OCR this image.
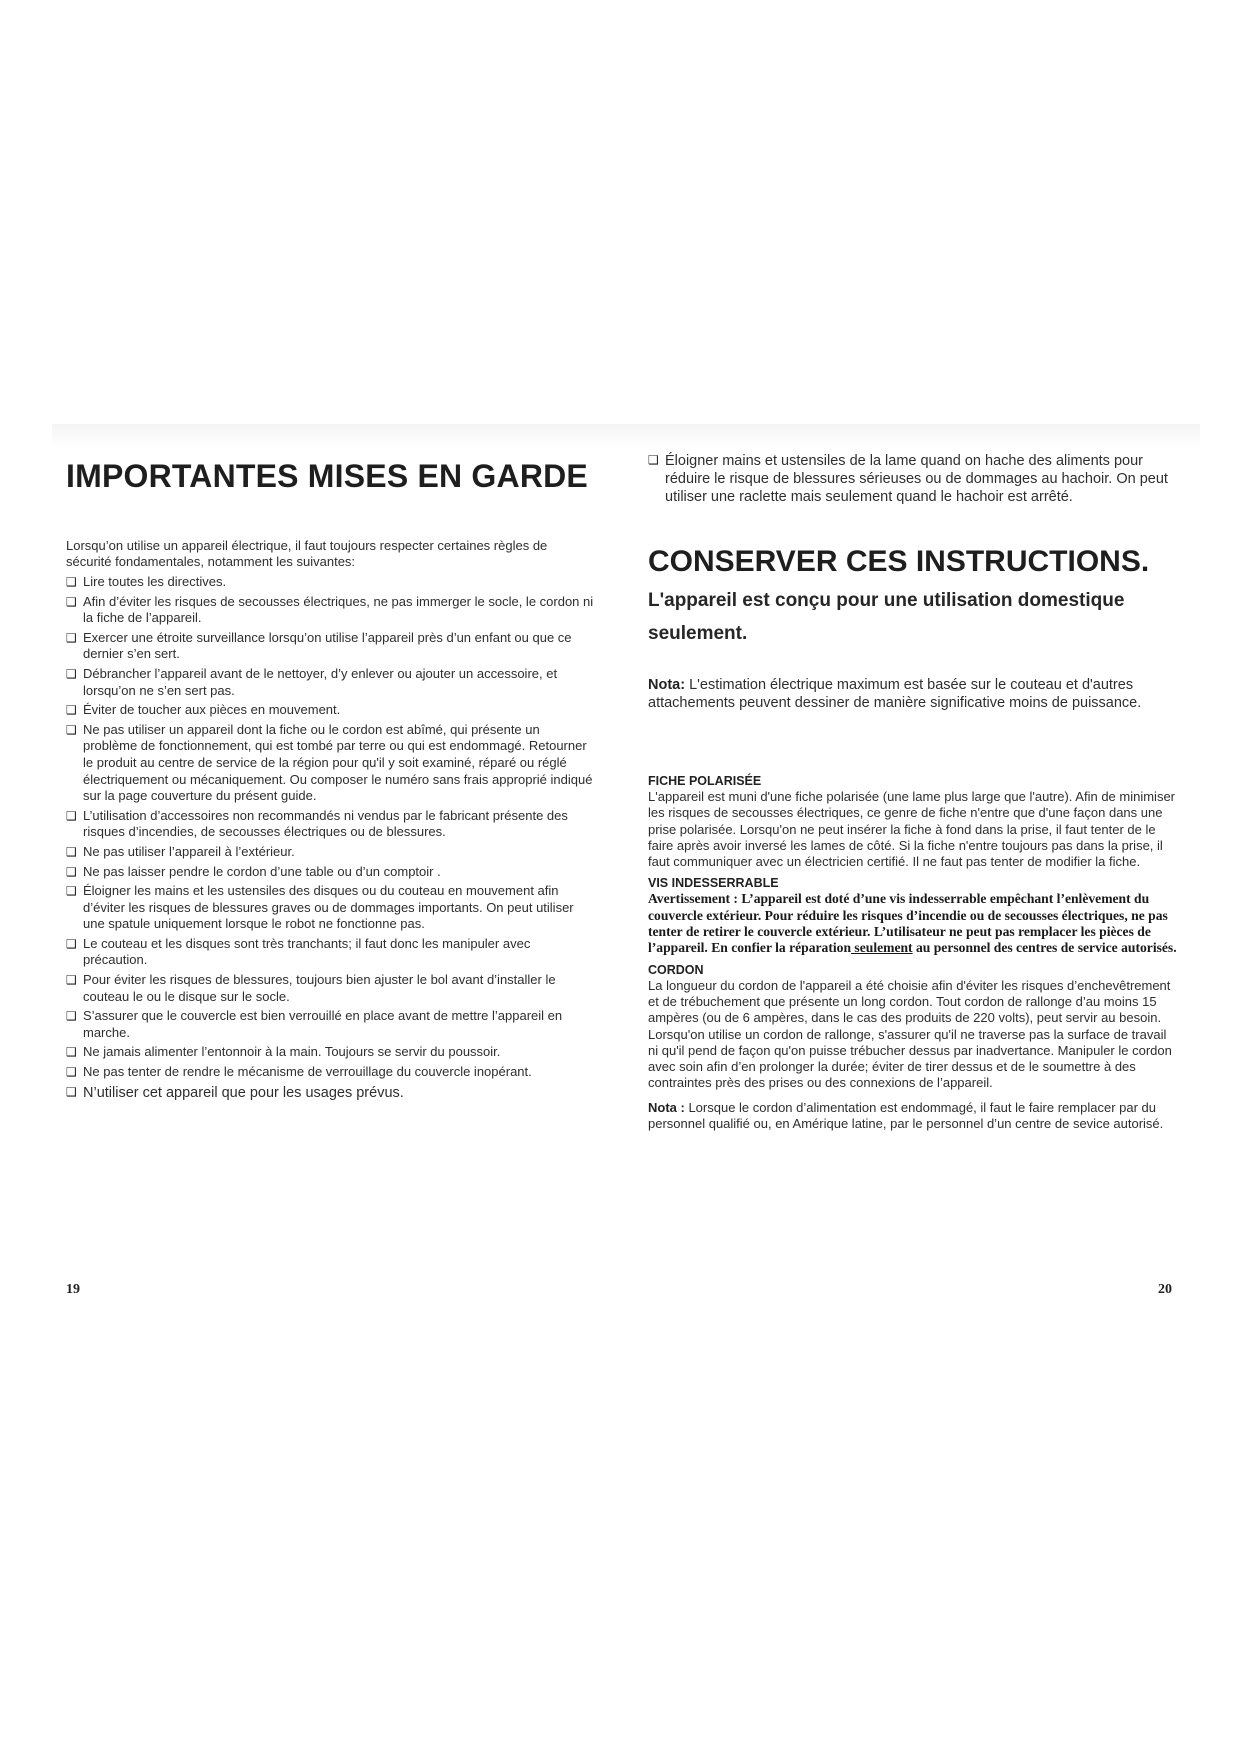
IMPORTANTES MISES EN GARDE

Lorsqu’on utilise un appareil électrique, il faut toujours respecter certaines règles de sécurité fondamentales, notamment les suivantes:

❑ Lire toutes les directives.
❑ Afin d’éviter les risques de secousses électriques, ne pas immerger le socle, le cordon ni la fiche de l’appareil.
❑ Exercer une étroite surveillance lorsqu’on utilise l’appareil près d’un enfant ou que ce dernier s’en sert.
❑ Débrancher l’appareil avant de le nettoyer, d’y enlever ou ajouter un accessoire, et lorsqu’on ne s’en sert pas.
❑ Éviter de toucher aux pièces en mouvement.
❑ Ne pas utiliser un appareil dont la fiche ou le cordon est abîmé, qui présente un problème de fonctionnement, qui est tombé par terre ou qui est endommagé. Retourner le produit au centre de service de la région pour qu'il y soit examiné, réparé ou réglé électriquement ou mécaniquement. Ou composer le numéro sans frais approprié indiqué sur la page couverture du présent guide.
❑ L’utilisation d’accessoires non recommandés ni vendus par le fabricant présente des risques d’incendies, de secousses électriques ou de blessures.
❑ Ne pas utiliser l’appareil à l’extérieur.
❑ Ne pas laisser pendre le cordon d’une table ou d’un comptoir .
❑ Éloigner les mains et les ustensiles des disques ou du couteau en mouvement afin d’éviter les risques de blessures graves ou de dommages importants. On peut utiliser une spatule uniquement lorsque le robot ne fonctionne pas.
❑ Le couteau et les disques sont très tranchants; il faut donc les manipuler avec précaution.
❑ Pour éviter les risques de blessures, toujours bien ajuster le bol avant d’installer le couteau le ou le disque sur le socle.
❑ S’assurer que le couvercle est bien verrouillé en place avant de mettre l’appareil en marche.
❑ Ne jamais alimenter l’entonnoir à la main. Toujours se servir du poussoir.
❑ Ne pas tenter de rendre le mécanisme de verrouillage du couvercle inopérant.
❑ N’utiliser cet appareil que pour les usages prévus.
❑ Éloigner mains et ustensiles de la lame quand on hache des aliments pour réduire le risque de blessures sérieuses ou de dommages au hachoir. On peut utiliser une raclette mais seulement quand le hachoir est arrêté.
CONSERVER CES INSTRUCTIONS.

L'appareil est conçu pour une utilisation domestique seulement.

Nota: L'estimation électrique maximum est basée sur le couteau et d'autres attachements peuvent dessiner de manière significative moins de puissance.

FICHE POLARISÉE

L'appareil est muni d'une fiche polarisée (une lame plus large que l'autre). Afin de minimiser les risques de secousses électriques, ce genre de fiche n'entre que d'une façon dans une prise polarisée. Lorsqu'on ne peut insérer la fiche à fond dans la prise, il faut tenter de le faire après avoir inversé les lames de côté. Si la fiche n'entre toujours pas dans la prise, il faut communiquer avec un électricien certifié. Il ne faut pas tenter de modifier la fiche.

VIS INDESSERRABLE

Avertissement : L’appareil est doté d’une vis indesserrable empêchant l’enlèvement du couvercle extérieur. Pour réduire les risques d’incendie ou de secousses électriques, ne pas tenter de retirer le couvercle extérieur. L’utilisateur ne peut pas remplacer les pièces de l’appareil. En confier la réparation seulement au personnel des centres de service autorisés.

CORDON

La longueur du cordon de l'appareil a été choisie afin d'éviter les risques d’enchevêtrement et de trébuchement que présente un long cordon. Tout cordon de rallonge d’au moins 15 ampères (ou de 6 ampères, dans le cas des produits de 220 volts), peut servir au besoin. Lorsqu'on utilise un cordon de rallonge, s'assurer qu'il ne traverse pas la surface de travail ni qu'il pend de façon qu'on puisse trébucher dessus par inadvertance. Manipuler le cordon avec soin afin d’en prolonger la durée; éviter de tirer dessus et de le soumettre à des contraintes près des prises ou des connexions de l’appareil.

Nota : Lorsque le cordon d’alimentation est endommagé, il faut le faire remplacer par du personnel qualifié ou, en Amérique latine, par le personnel d’un centre de sevice autorisé.

19	20
